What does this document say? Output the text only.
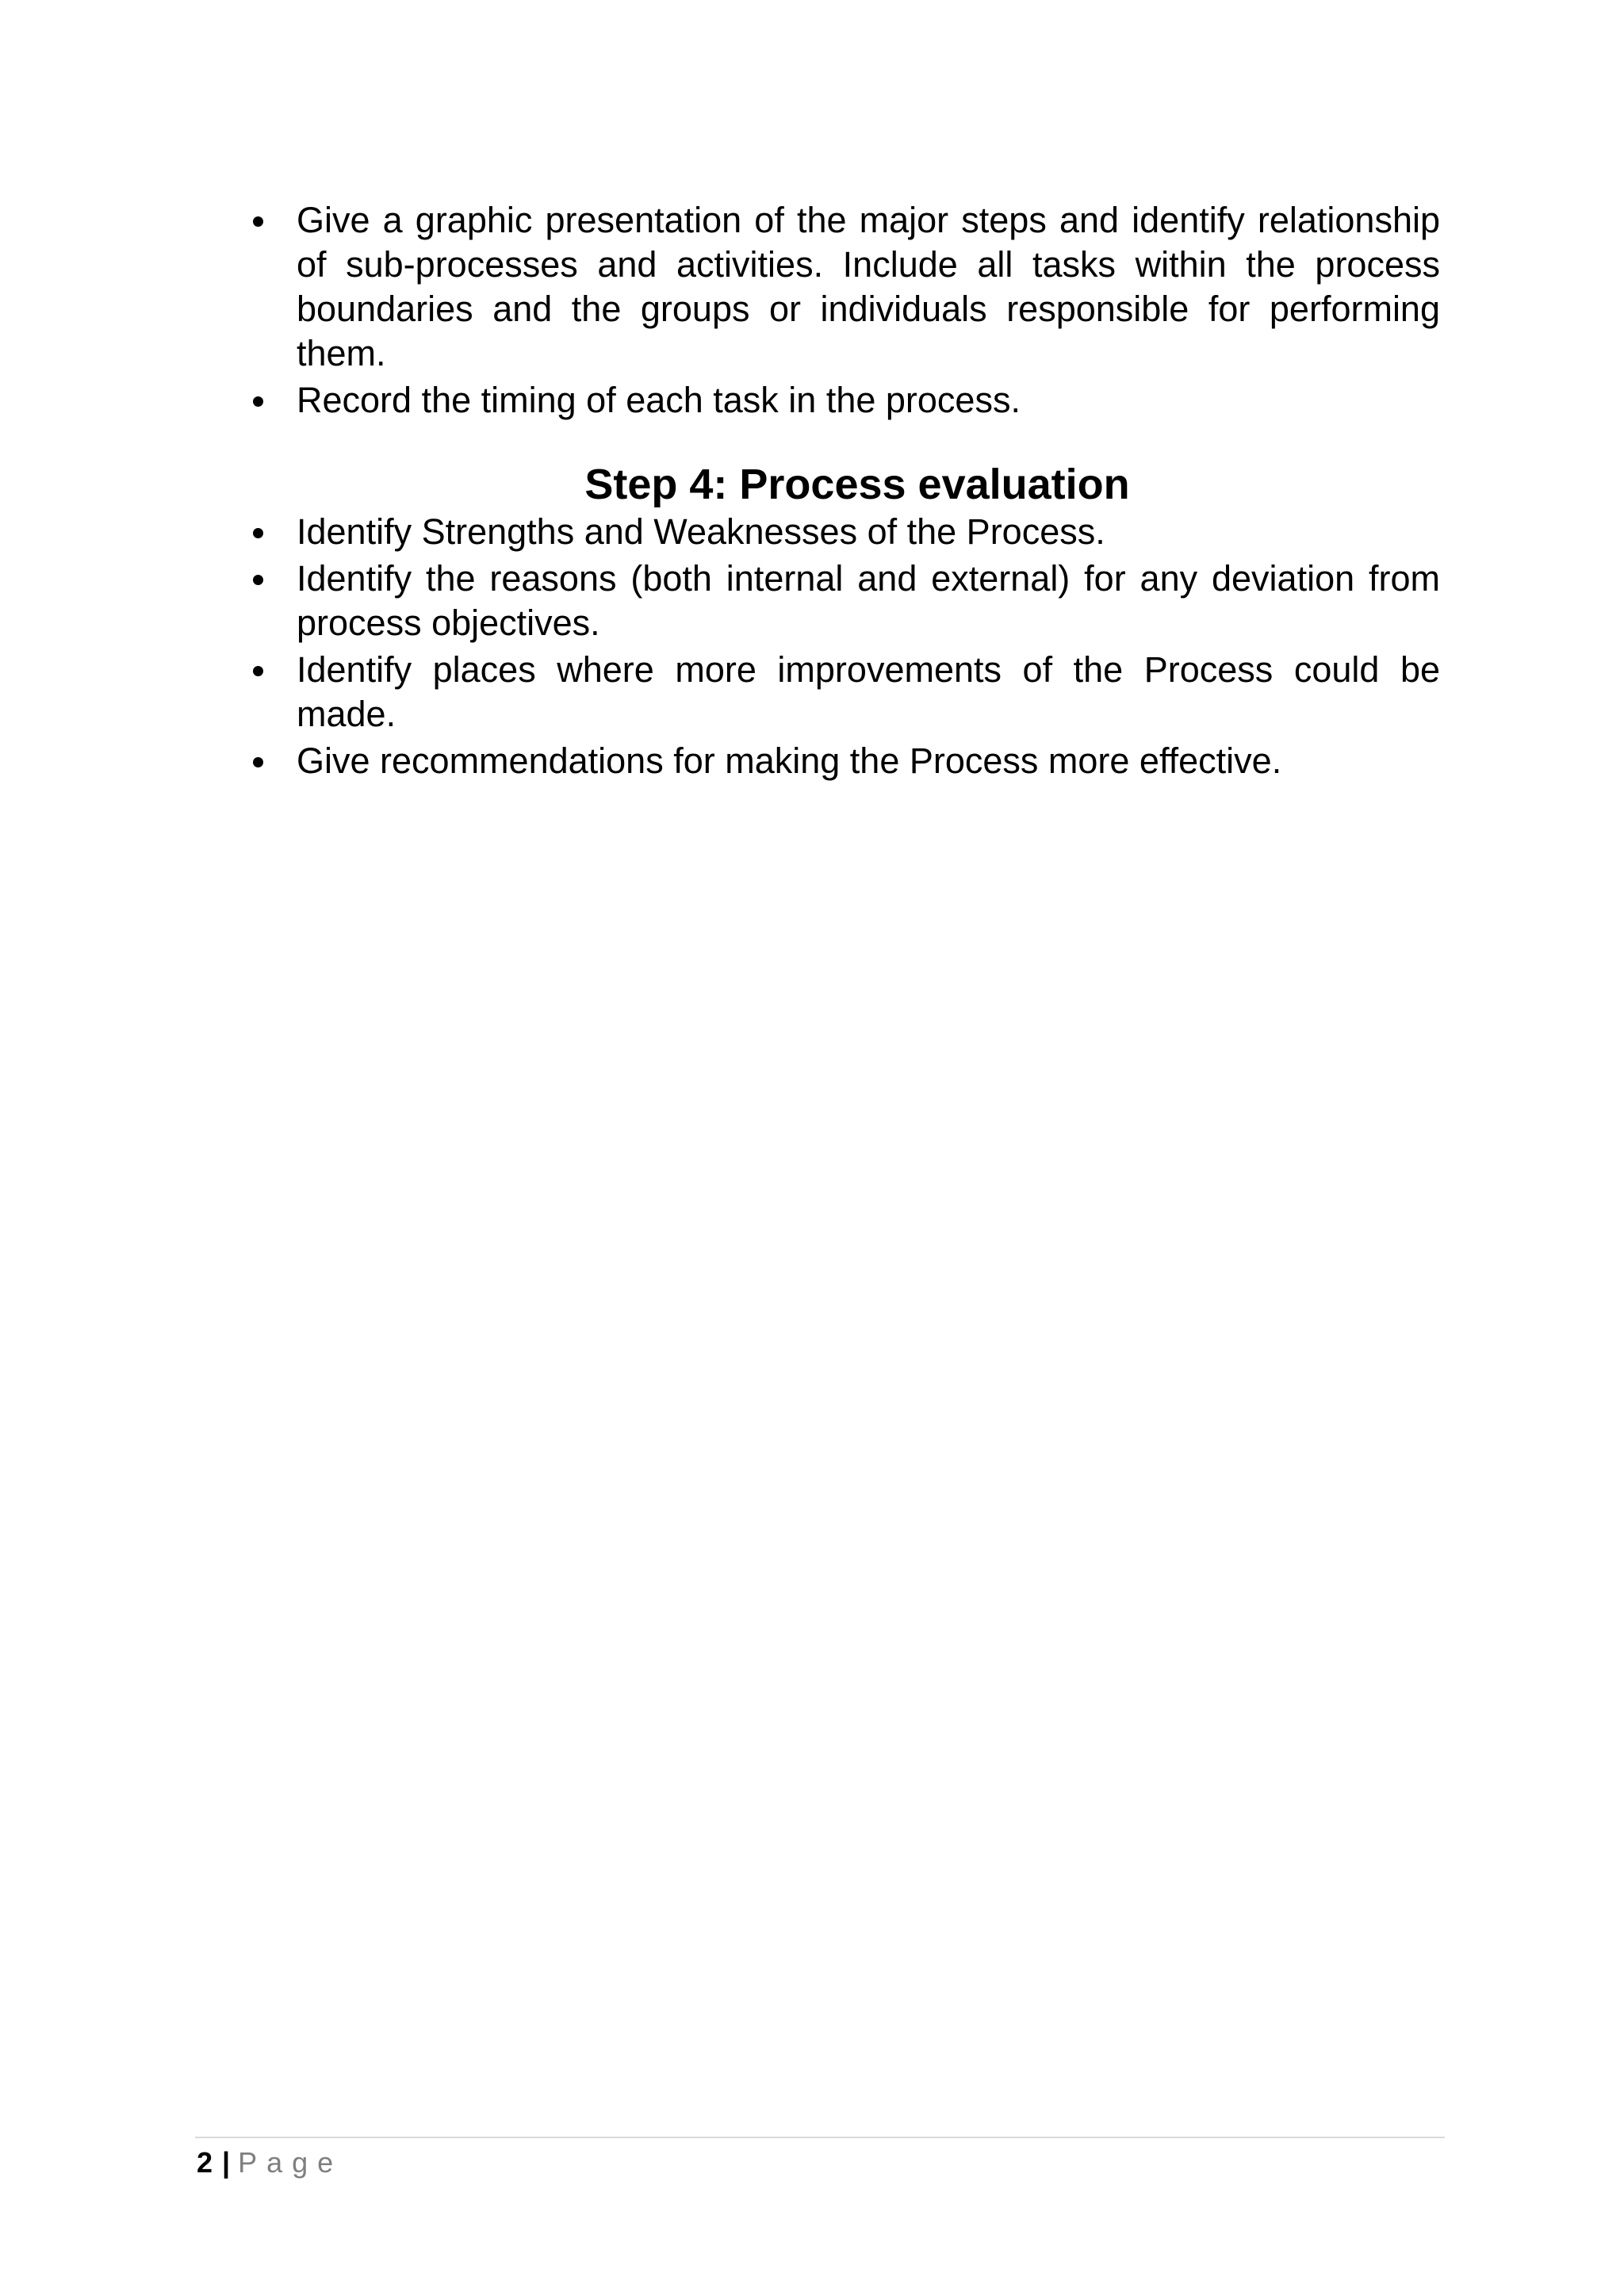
Give a graphic presentation of the major steps and identify relationship of sub-processes and activities. Include all tasks within the process boundaries and the groups or individuals responsible for performing them.
Record the timing of each task in the process.
Step 4: Process evaluation
Identify Strengths and Weaknesses of the Process.
Identify the reasons (both internal and external) for any deviation from process objectives.
Identify places where more improvements of the Process could be made.
Give recommendations for making the Process more effective.
2 | Page
